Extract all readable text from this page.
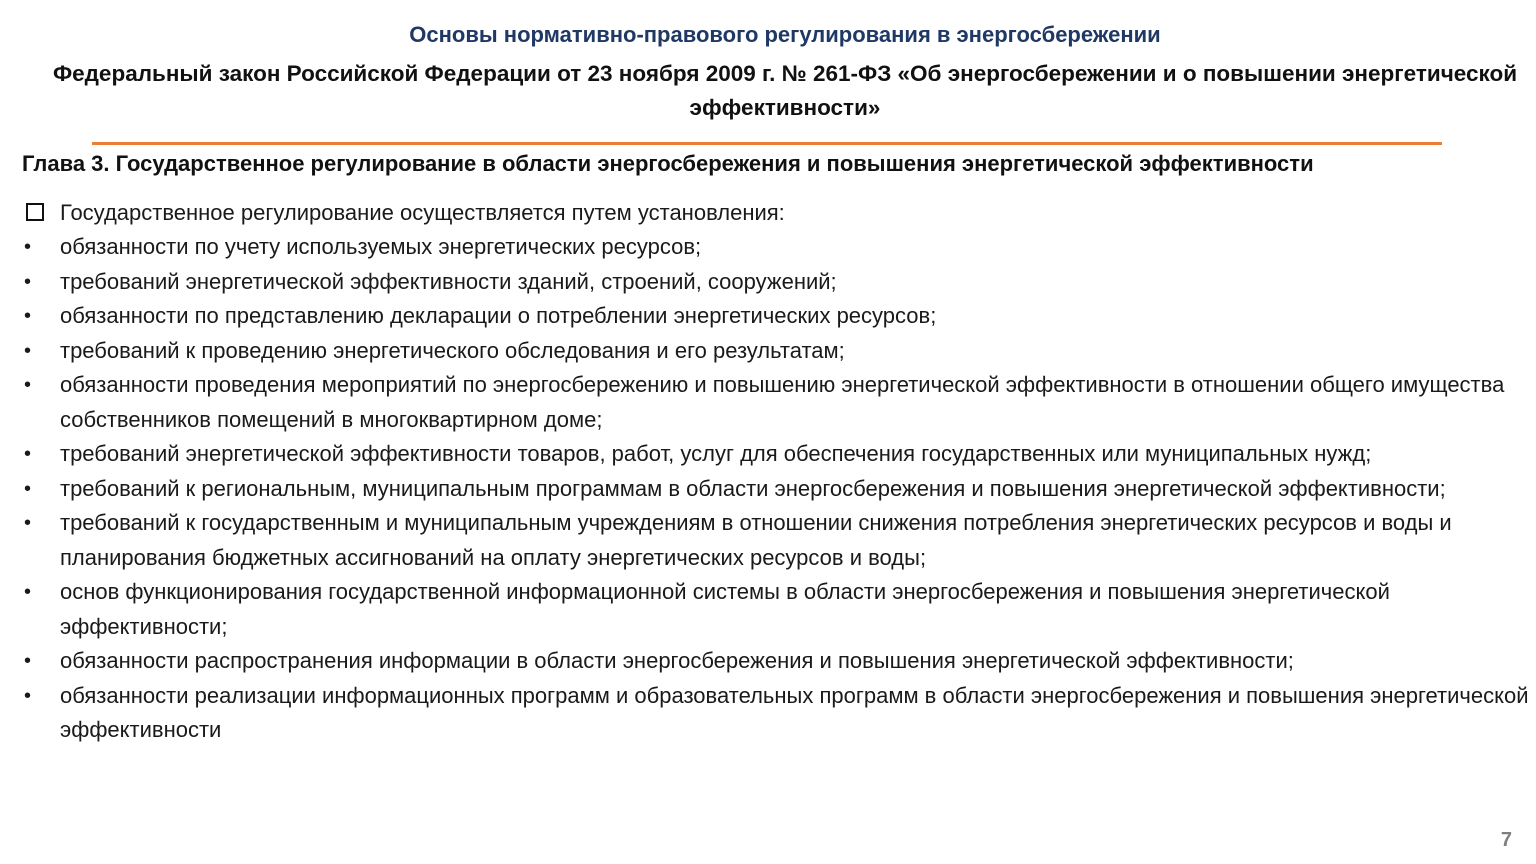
Основы нормативно-правового регулирования в энергосбережении
Федеральный закон Российской Федерации от 23 ноября 2009 г. № 261-ФЗ «Об энергосбережении и о повышении энергетической эффективности»
Глава 3. Государственное регулирование в области энергосбережения и повышения энергетической эффективности
Государственное регулирование осуществляется путем установления:
• обязанности по учету используемых энергетических ресурсов;
• требований энергетической эффективности зданий, строений, сооружений;
• обязанности по представлению декларации о потреблении энергетических ресурсов;
• требований к проведению энергетического обследования и его результатам;
• обязанности проведения мероприятий по энергосбережению и повышению энергетической эффективности в отношении общего имущества собственников помещений в многоквартирном доме;
• требований энергетической эффективности товаров, работ, услуг для обеспечения государственных или муниципальных нужд;
• требований к региональным, муниципальным программам в области энергосбережения и повышения энергетической эффективности;
• требований к государственным и муниципальным учреждениям в отношении снижения потребления энергетических ресурсов и воды и планирования бюджетных ассигнований на оплату энергетических ресурсов и воды;
• основ функционирования государственной информационной системы в области энергосбережения и повышения энергетической эффективности;
• обязанности распространения информации в области энергосбережения и повышения энергетической эффективности;
• обязанности реализации информационных программ и образовательных программ в области энергосбережения и повышения энергетической эффективности
7
